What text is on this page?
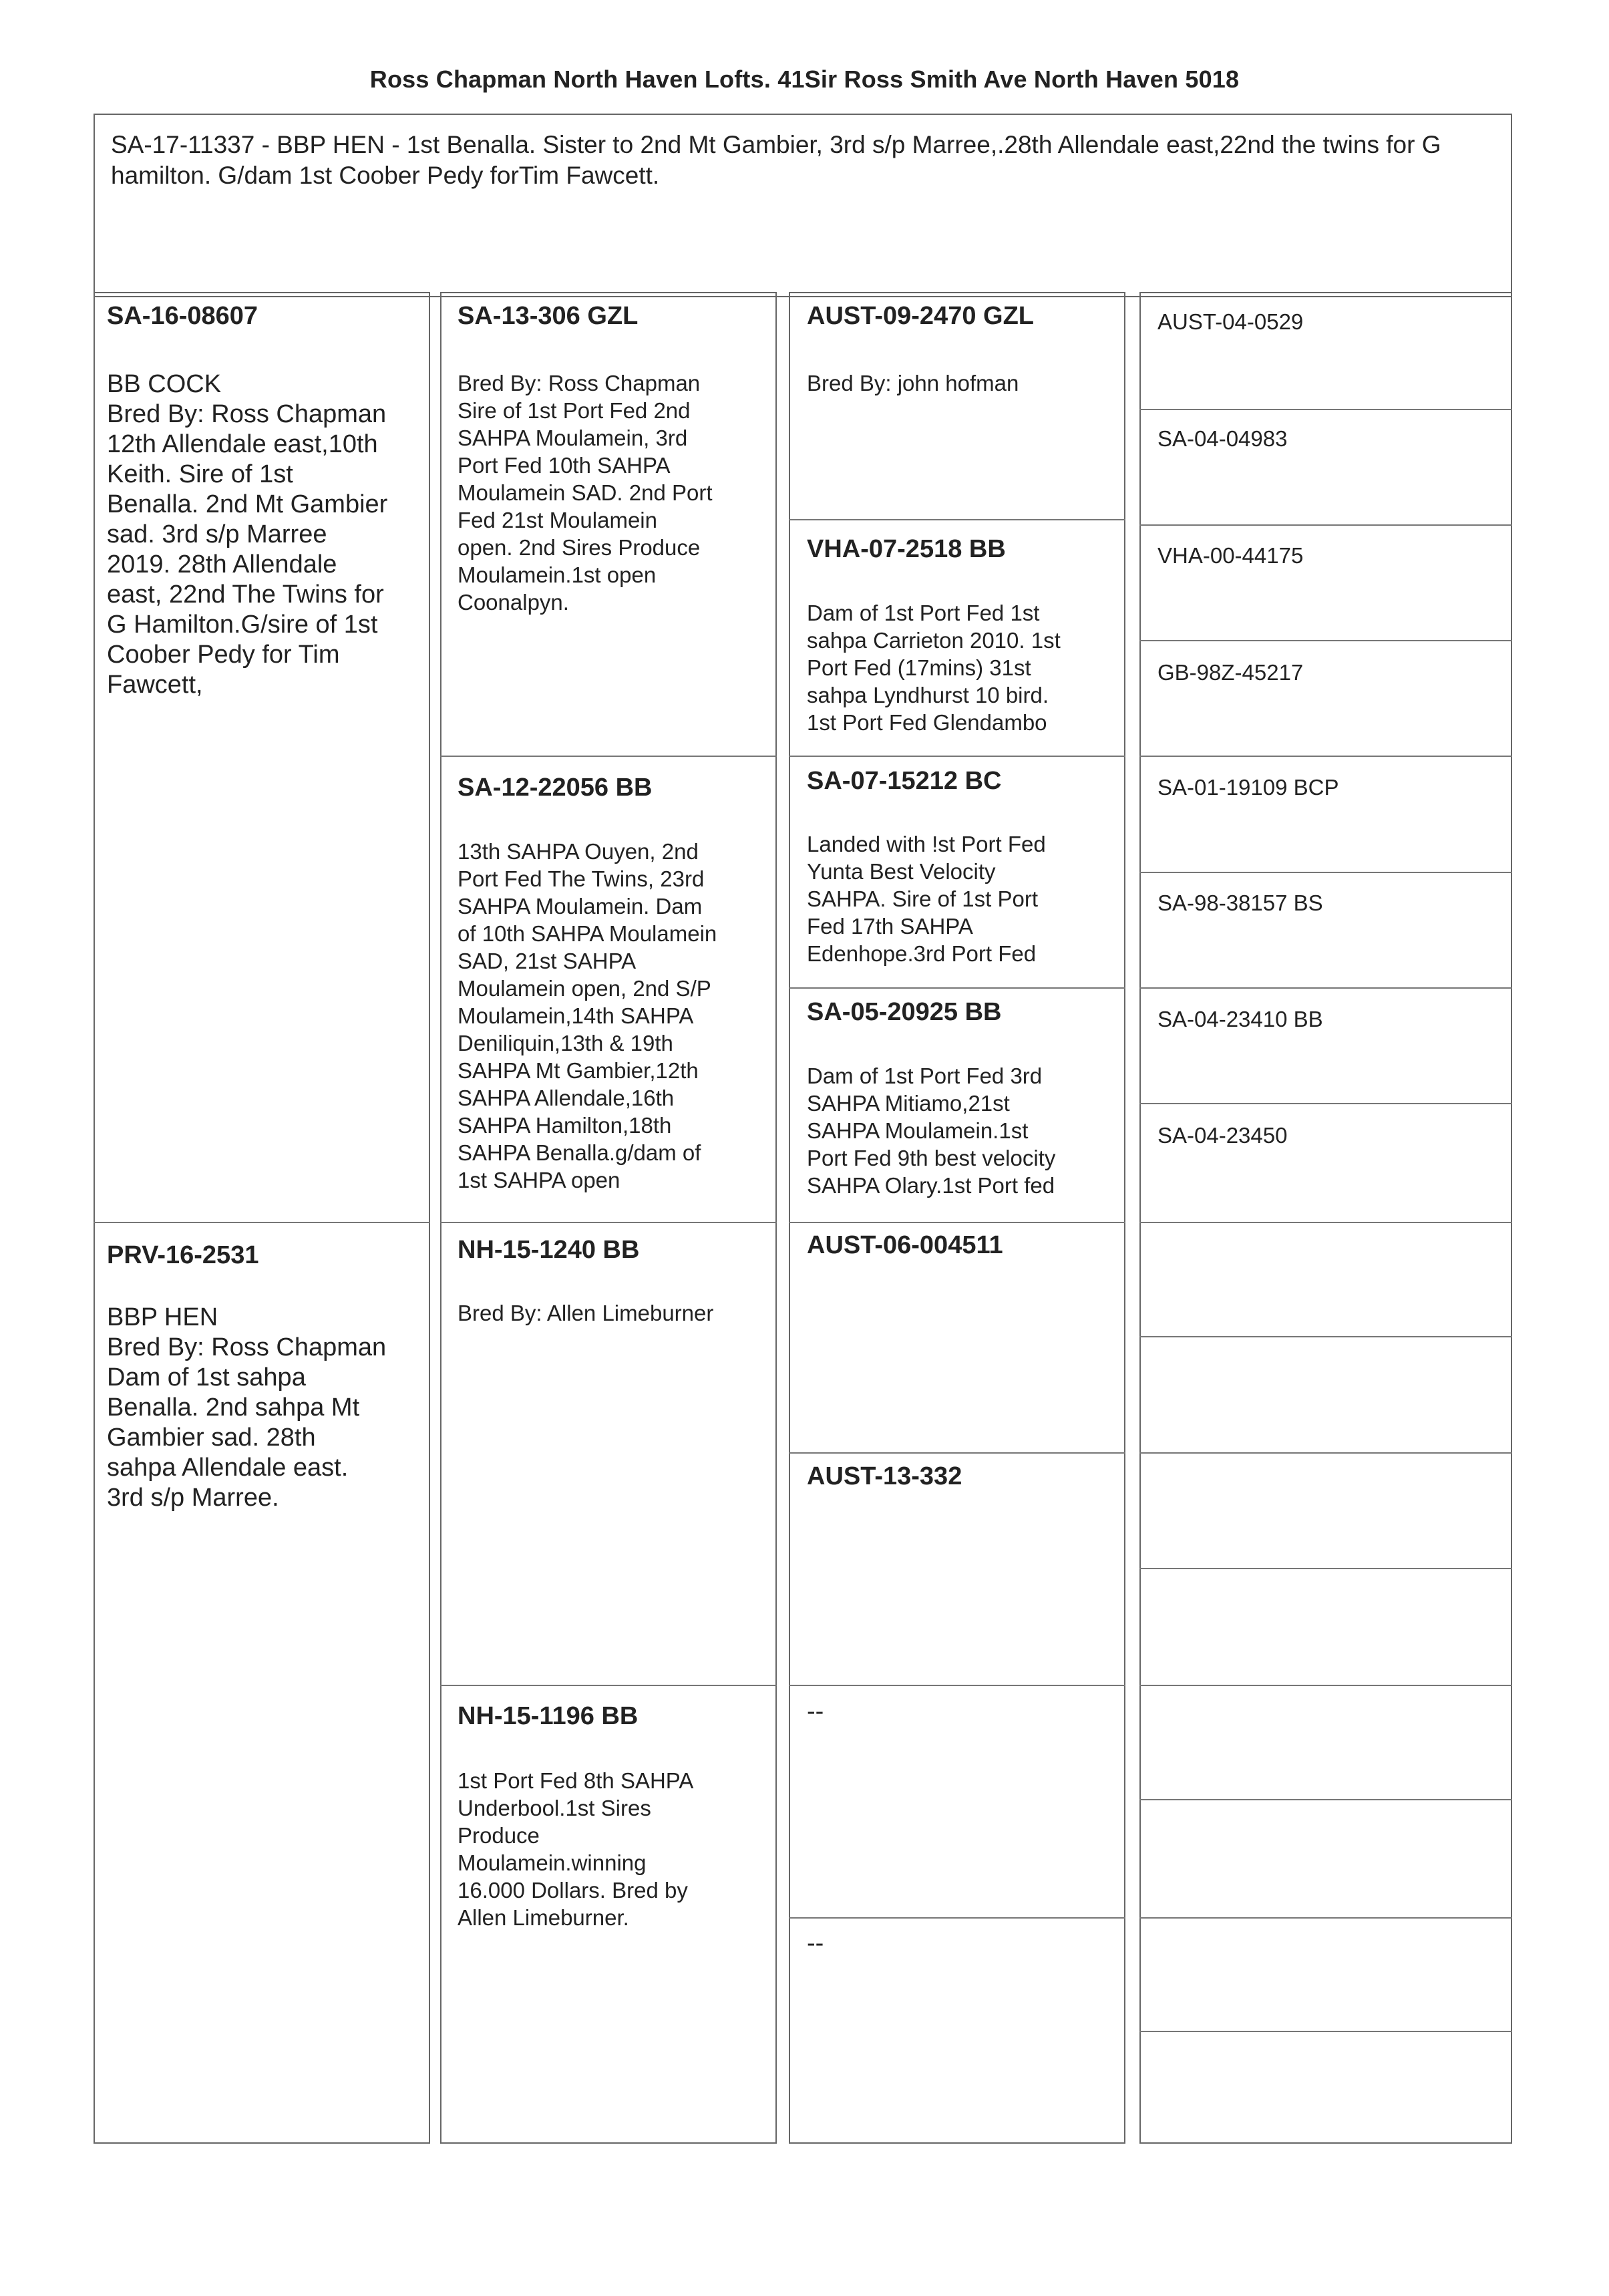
Ross Chapman North Haven Lofts. 41Sir Ross Smith Ave North Haven 5018
SA-17-11337 - BBP HEN - 1st Benalla. Sister to 2nd Mt Gambier, 3rd s/p Marree,.28th Allendale east,22nd the twins for G hamilton. G/dam 1st Coober Pedy forTim Fawcett.
SA-16-08607
BB COCK
Bred By: Ross Chapman
12th Allendale east,10th
Keith. Sire of 1st
Benalla. 2nd Mt Gambier
sad. 3rd s/p Marree
2019. 28th Allendale
east, 22nd The Twins for
G Hamilton.G/sire of 1st
Coober Pedy for Tim
Fawcett,
PRV-16-2531
BBP HEN
Bred By: Ross Chapman
Dam of 1st sahpa
Benalla. 2nd sahpa Mt
Gambier sad. 28th
sahpa Allendale east.
3rd s/p Marree.
SA-13-306 GZL
Bred By: Ross Chapman
Sire of 1st Port Fed 2nd
SAHPA Moulamein, 3rd
Port Fed 10th SAHPA
Moulamein SAD. 2nd Port
Fed 21st Moulamein
open. 2nd Sires Produce
Moulamein.1st open
Coonalpyn.
SA-12-22056 BB
13th SAHPA Ouyen, 2nd
Port Fed The Twins, 23rd
SAHPA Moulamein. Dam
of 10th SAHPA Moulamein
SAD, 21st SAHPA
Moulamein open, 2nd S/P
Moulamein,14th SAHPA
Deniliquin,13th & 19th
SAHPA Mt Gambier,12th
SAHPA Allendale,16th
SAHPA Hamilton,18th
SAHPA Benalla.g/dam of
1st SAHPA open
NH-15-1240 BB
Bred By: Allen Limeburner
NH-15-1196 BB
1st Port Fed 8th SAHPA
Underbool.1st Sires
Produce
Moulamein.winning
16.000 Dollars. Bred by
Allen Limeburner.
AUST-09-2470 GZL
Bred By: john hofman
VHA-07-2518 BB
Dam of 1st Port Fed 1st
sahpa Carrieton 2010. 1st
Port Fed (17mins) 31st
sahpa Lyndhurst 10 bird.
1st Port Fed Glendambo
SA-07-15212 BC
Landed with !st Port Fed
Yunta Best Velocity
SAHPA. Sire of 1st Port
Fed 17th SAHPA
Edenhope.3rd Port Fed
SA-05-20925 BB
Dam of 1st Port Fed 3rd
SAHPA Mitiamo,21st
SAHPA Moulamein.1st
Port Fed 9th best velocity
SAHPA Olary.1st Port fed
AUST-06-004511
AUST-13-332
--
--
AUST-04-0529
SA-04-04983
VHA-00-44175
GB-98Z-45217
SA-01-19109 BCP
SA-98-38157 BS
SA-04-23410 BB
SA-04-23450
